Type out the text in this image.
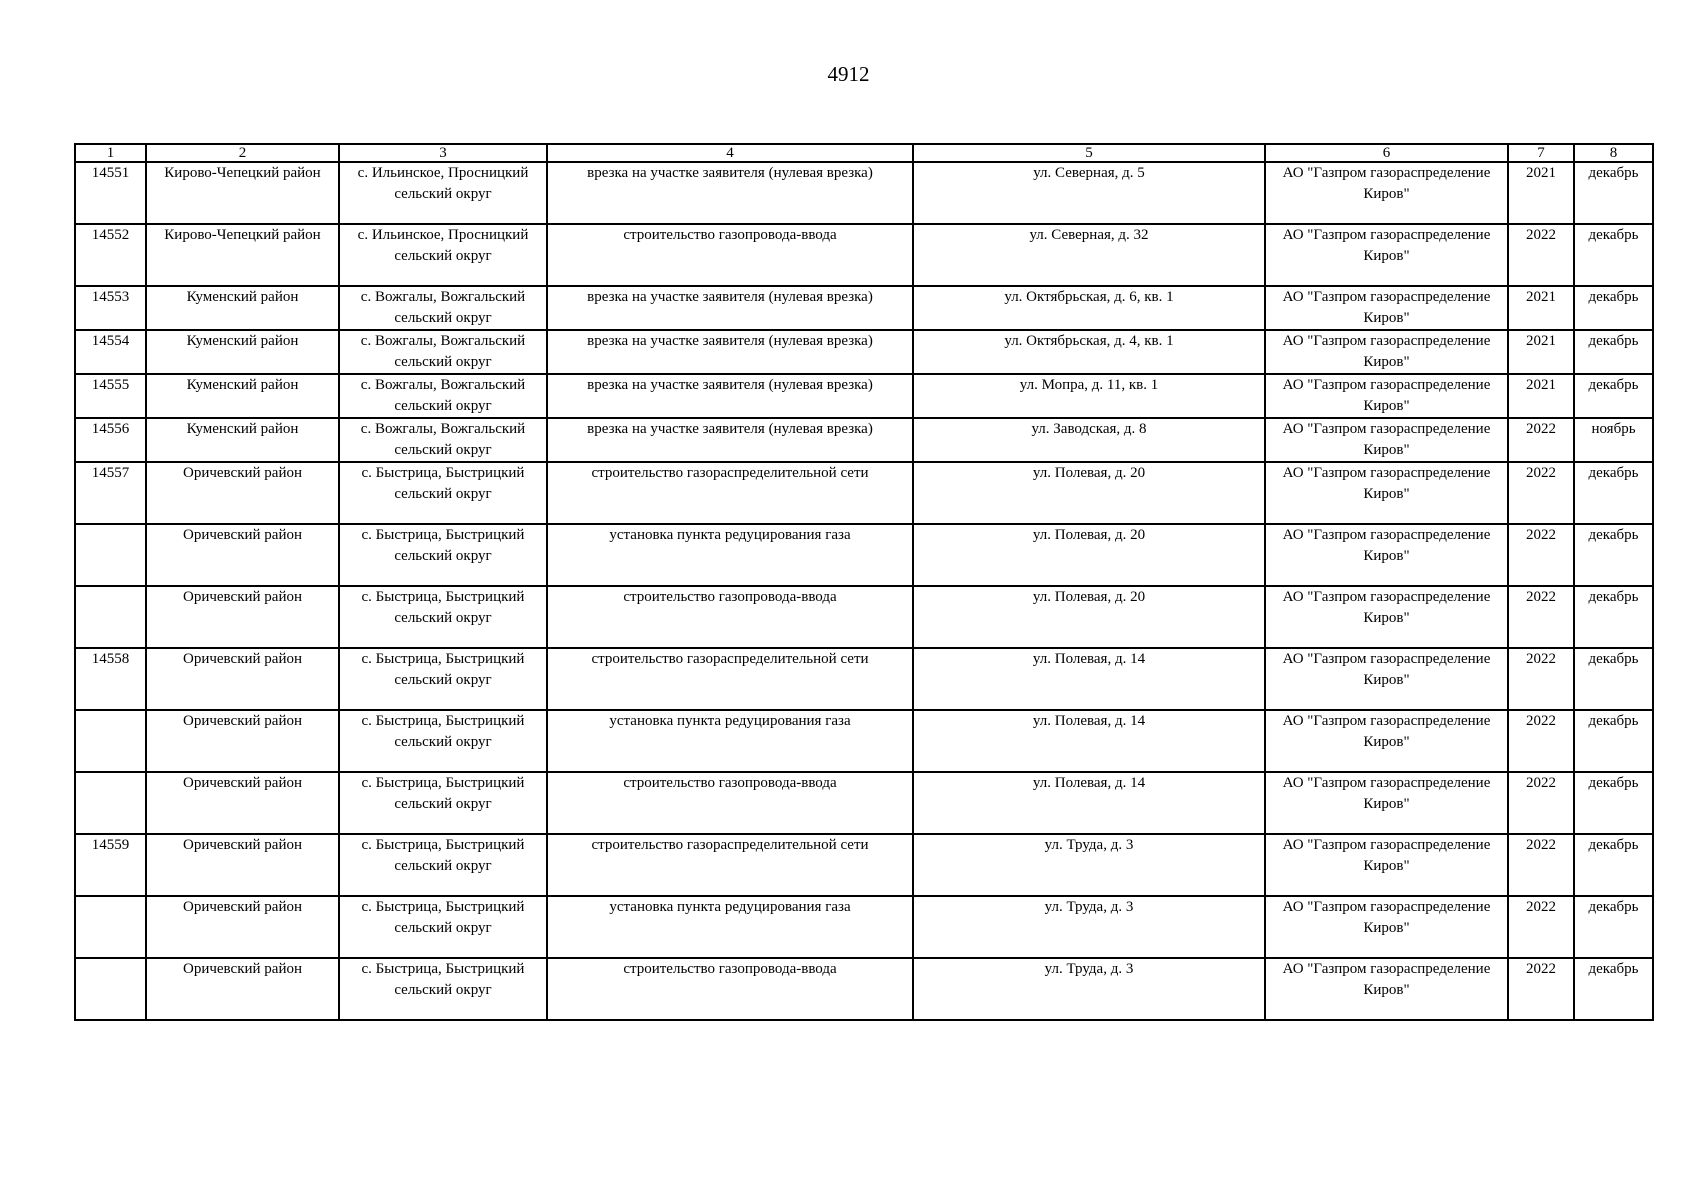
4912
1	2	3	4	5	6	7	8
14551	Кирово-Чепецкий район	с. Ильинское, Просницкий сельский округ	врезка на участке заявителя (нулевая врезка)	ул. Северная, д. 5	АО "Газпром газораспределение Киров"	2021	декабрь
14552	Кирово-Чепецкий район	с. Ильинское, Просницкий сельский округ	строительство газопровода-ввода	ул. Северная, д. 32	АО "Газпром газораспределение Киров"	2022	декабрь
14553	Куменский район	с. Вожгалы, Вожгальский сельский округ	врезка на участке заявителя (нулевая врезка)	ул. Октябрьская, д. 6, кв. 1	АО "Газпром газораспределение Киров"	2021	декабрь
14554	Куменский район	с. Вожгалы, Вожгальский сельский округ	врезка на участке заявителя (нулевая врезка)	ул. Октябрьская, д. 4, кв. 1	АО "Газпром газораспределение Киров"	2021	декабрь
14555	Куменский район	с. Вожгалы, Вожгальский сельский округ	врезка на участке заявителя (нулевая врезка)	ул. Мопра, д. 11, кв. 1	АО "Газпром газораспределение Киров"	2021	декабрь
14556	Куменский район	с. Вожгалы, Вожгальский сельский округ	врезка на участке заявителя (нулевая врезка)	ул. Заводская, д. 8	АО "Газпром газораспределение Киров"	2022	ноябрь
14557	Оричевский район	с. Быстрица, Быстрицкий сельский округ	строительство газораспределительной сети	ул. Полевая, д. 20	АО "Газпром газораспределение Киров"	2022	декабрь
	Оричевский район	с. Быстрица, Быстрицкий сельский округ	установка пункта редуцирования газа	ул. Полевая, д. 20	АО "Газпром газораспределение Киров"	2022	декабрь
	Оричевский район	с. Быстрица, Быстрицкий сельский округ	строительство газопровода-ввода	ул. Полевая, д. 20	АО "Газпром газораспределение Киров"	2022	декабрь
14558	Оричевский район	с. Быстрица, Быстрицкий сельский округ	строительство газораспределительной сети	ул. Полевая, д. 14	АО "Газпром газораспределение Киров"	2022	декабрь
	Оричевский район	с. Быстрица, Быстрицкий сельский округ	установка пункта редуцирования газа	ул. Полевая, д. 14	АО "Газпром газораспределение Киров"	2022	декабрь
	Оричевский район	с. Быстрица, Быстрицкий сельский округ	строительство газопровода-ввода	ул. Полевая, д. 14	АО "Газпром газораспределение Киров"	2022	декабрь
14559	Оричевский район	с. Быстрица, Быстрицкий сельский округ	строительство газораспределительной сети	ул. Труда, д. 3	АО "Газпром газораспределение Киров"	2022	декабрь
	Оричевский район	с. Быстрица, Быстрицкий сельский округ	установка пункта редуцирования газа	ул. Труда, д. 3	АО "Газпром газораспределение Киров"	2022	декабрь
	Оричевский район	с. Быстрица, Быстрицкий сельский округ	строительство газопровода-ввода	ул. Труда, д. 3	АО "Газпром газораспределение Киров"	2022	декабрь
